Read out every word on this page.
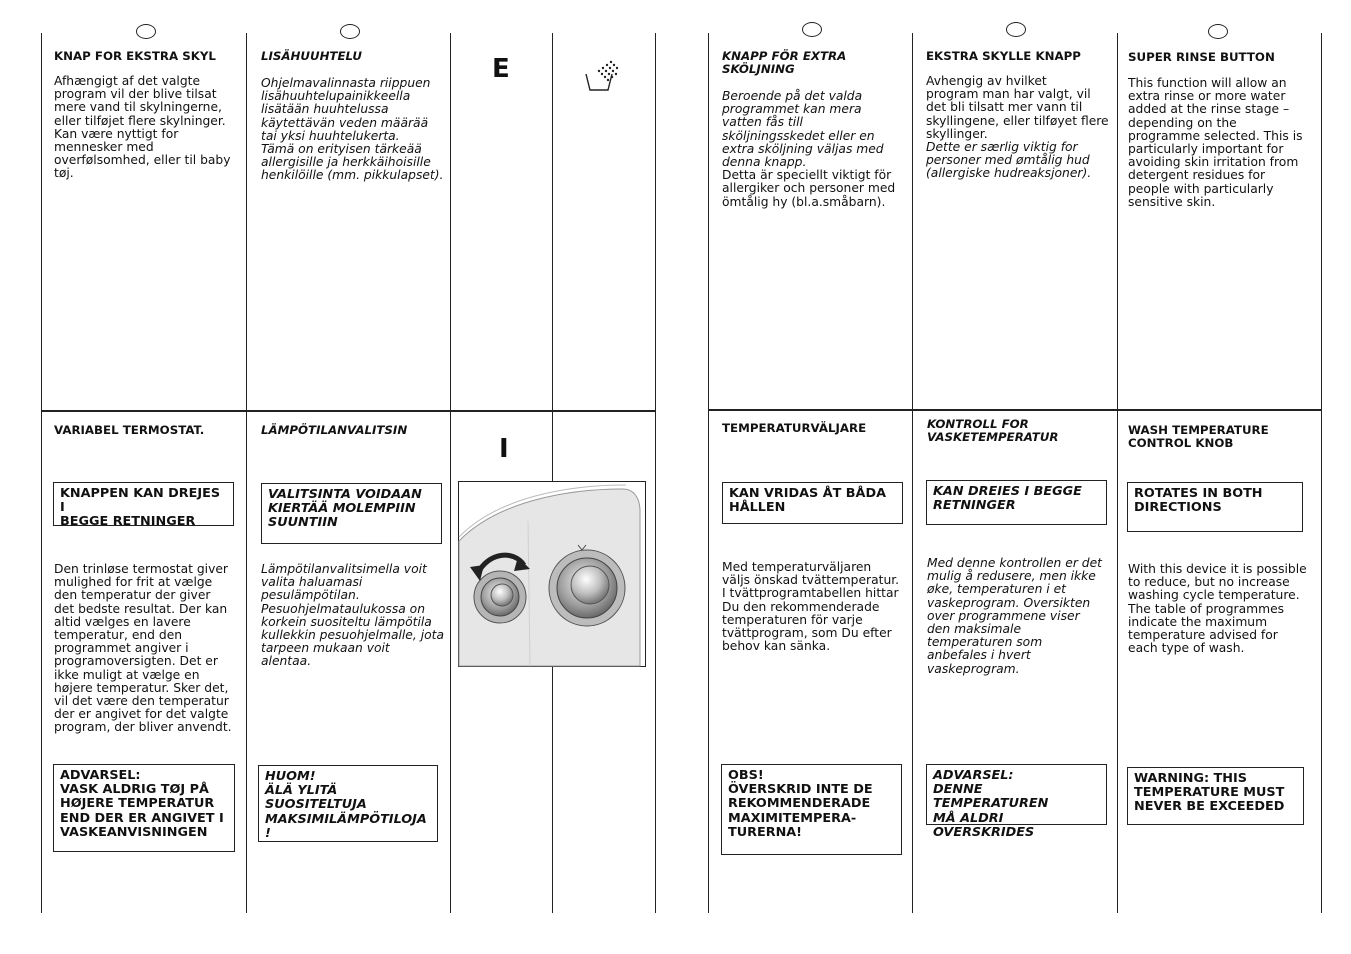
KNAP FOR EKSTRA SKYL
Afhængigt af det valgte
program vil der blive tilsat
mere vand til skylningerne,
eller tilføjet flere skylninger.
Kan være nyttigt for
mennesker med
overfølsomhed, eller til baby
tøj.
LISÄHUUHTELU
Ohjelmavalinnasta riippuen
lisähuuhtelupainikkeella
lisätään huuhtelussa
käytettävän veden määrää
tai yksi huuhtelukerta.
Tämä on erityisen tärkeää
allergisille ja herkkäihoisille
henkilöille (mm. pikkulapset).
E
VARIABEL TERMOSTAT.
KNAPPEN KAN DREJES I
BEGGE RETNINGER
Den trinløse termostat giver
mulighed for frit at vælge
den temperatur der giver
det bedste resultat. Der kan
altid vælges en lavere
temperatur, end den
programmet angiver i
programoversigten. Det er
ikke muligt at vælge en
højere temperatur. Sker det,
vil det være den temperatur
der er angivet for det valgte
program, der bliver anvendt.
ADVARSEL:
VASK ALDRIG TØJ PÅ
HØJERE TEMPERATUR
END DER ER ANGIVET I
VASKEANVISNINGEN
LÄMPÖTILANVALITSIN
VALITSINTA VOIDAAN
KIERTÄÄ MOLEMPIIN
SUUNTIIN
Lämpötilanvalitsimella voit
valita haluamasi
pesulämpötilan.
Pesuohjelmataulukossa on
korkein suositeltu lämpötila
kullekkin pesuohjelmalle, jota
tarpeen mukaan voit
alentaa.
HUOM!
ÄLÄ YLITÄ
SUOSITELTUJA
MAKSIMILÄMPÖTILOJA !
I
KNAPP FÖR EXTRA
SKÖLJNING
Beroende på det valda
programmet kan mera
vatten fås till
sköljningsskedet eller en
extra sköljning väljas med
denna knapp.
Detta är speciellt viktigt för
allergiker och personer med
ömtålig hy (bl.a.småbarn).
EKSTRA SKYLLE KNAPP
Avhengig av hvilket
program man har valgt, vil
det bli tilsatt mer vann til
skyllingene, eller tilføyet flere
skyllinger.
Dette er særlig viktig for
personer med ømtålig hud
(allergiske hudreaksjoner).
SUPER RINSE BUTTON
This function will allow an
extra rinse or more water
added at the rinse stage –
depending on the
programme selected. This is
particularly important for
avoiding skin irritation from
detergent residues for
people with particularly
sensitive skin.
TEMPERATURVÄLJARE
KAN VRIDAS ÅT BÅDA
HÅLLEN
Med temperaturväljaren
väljs önskad tvättemperatur.
I tvättprogramtabellen hittar
Du den rekommenderade
temperaturen för varje
tvättprogram, som Du efter
behov kan sänka.
OBS!
ÖVERSKRID INTE DE
REKOMMENDERADE
MAXIMITEMPERA-
TURERNA!
KONTROLL FOR
VASKETEMPERATUR
KAN DREIES I BEGGE
RETNINGER
Med denne kontrollen er det
mulig å redusere, men ikke
øke, temperaturen i et
vaskeprogram. Oversikten
over programmene viser
den maksimale
temperaturen som
anbefales i hvert
vaskeprogram.
ADVARSEL:
DENNE TEMPERATUREN
MÅ ALDRI OVERSKRIDES
WASH TEMPERATURE
CONTROL KNOB
ROTATES IN BOTH
DIRECTIONS
With this device it is possible
to reduce, but no increase
washing cycle temperature.
The table of programmes
indicate the maximum
temperature advised for
each type of wash.
WARNING: THIS
TEMPERATURE MUST
NEVER BE EXCEEDED
